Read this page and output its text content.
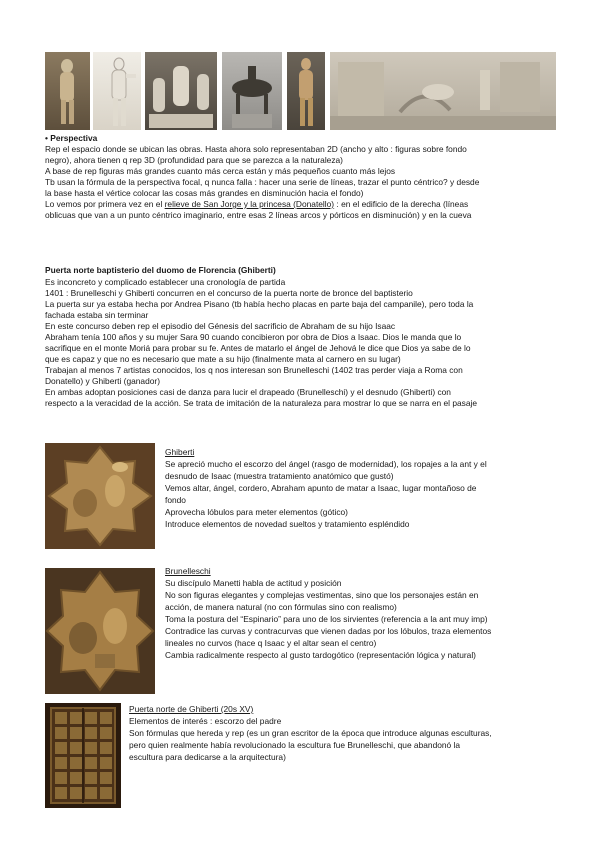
• Perspectiva

Rep el espacio donde se ubican las obras. Hasta ahora solo representaban 2D (ancho y alto : figuras sobre fondo

negro), ahora tienen q rep 3D (profundidad para que se parezca a la naturaleza)

A base de rep figuras más grandes cuanto más cerca están y más pequeños cuanto más lejos

Tb usan la fórmula de la perspectiva focal, q nunca falla : hacer una serie de líneas, trazar el punto céntrico? y desde

la base hasta el vértice colocar las cosas más grandes en disminución hacia el fondo)

Lo vemos por primera vez en el relieve de San Jorge y la princesa (Donatello) : en el edificio de la derecha (líneas

oblicuas que van a un punto céntrico imaginario, entre esas 2 líneas arcos y pórticos en disminución) y en la cueva

Puerta norte baptisterio del duomo de Florencia (Ghiberti)

Es inconcreto y complicado establecer una cronología de partida

1401 : Brunelleschi y Ghiberti concurren en el concurso de la puerta norte de bronce del baptisterio

La puerta sur ya estaba hecha por Andrea Pisano (tb había hecho placas en parte baja del campanile), pero toda la

fachada estaba sin terminar

En este concurso deben rep el episodio del Génesis del sacrificio de Abraham de su hijo Isaac

Abraham tenía 100 años y su mujer Sara 90 cuando concibieron por obra de Dios a Isaac. Dios le manda que lo

sacrifique en el monte Moriá para probar su fe. Antes de matarlo el ángel de Jehová le dice que Dios ya sabe de lo

que es capaz y que no es necesario que mate a su hijo (finalmente mata al carnero en su lugar)

Trabajan al menos 7 artistas conocidos, los q nos interesan son Brunelleschi (1402 tras perder viaja a Roma con

Donatello) y Ghiberti (ganador)

En ambas adoptan posiciones casi de danza para lucir el drapeado (Brunelleschi) y el desnudo (Ghiberti) con

respecto a la veracidad de la acción. Se trata de imitación de la naturaleza para mostrar lo que se narra en el pasaje

Ghiberti

Se apreció mucho el escorzo del ángel (rasgo de modernidad), los ropajes a la ant y el

desnudo de Isaac (muestra tratamiento anatómico que gustó)

Vemos altar, ángel, cordero, Abraham apunto de matar a Isaac, lugar montañoso de

fondo

Aprovecha lóbulos para meter elementos (gótico)

Introduce elementos de novedad sueltos y tratamiento espléndido

Brunelleschi

Su discípulo Manetti habla de actitud y posición

No son figuras elegantes y complejas vestimentas, sino que los personajes están en

acción, de manera natural (no con fórmulas sino con realismo)

Toma la postura del “Espinario” para uno de los sirvientes (referencia a la ant muy imp)

Contradice las curvas y contracurvas que vienen dadas por los lóbulos, traza elementos

lineales no curvos (hace q Isaac y el altar sean el centro)

Cambia radicalmente respecto al gusto tardogótico (representación lógica y natural)

Puerta norte de Ghiberti (20s XV)

Elementos de interés : escorzo del padre

Son fórmulas que hereda y rep (es un gran escritor de la época que introduce algunas esculturas,

pero quien realmente había revolucionado la escultura fue Brunelleschi, que abandonó la

escultura para dedicarse a la arquitectura)
